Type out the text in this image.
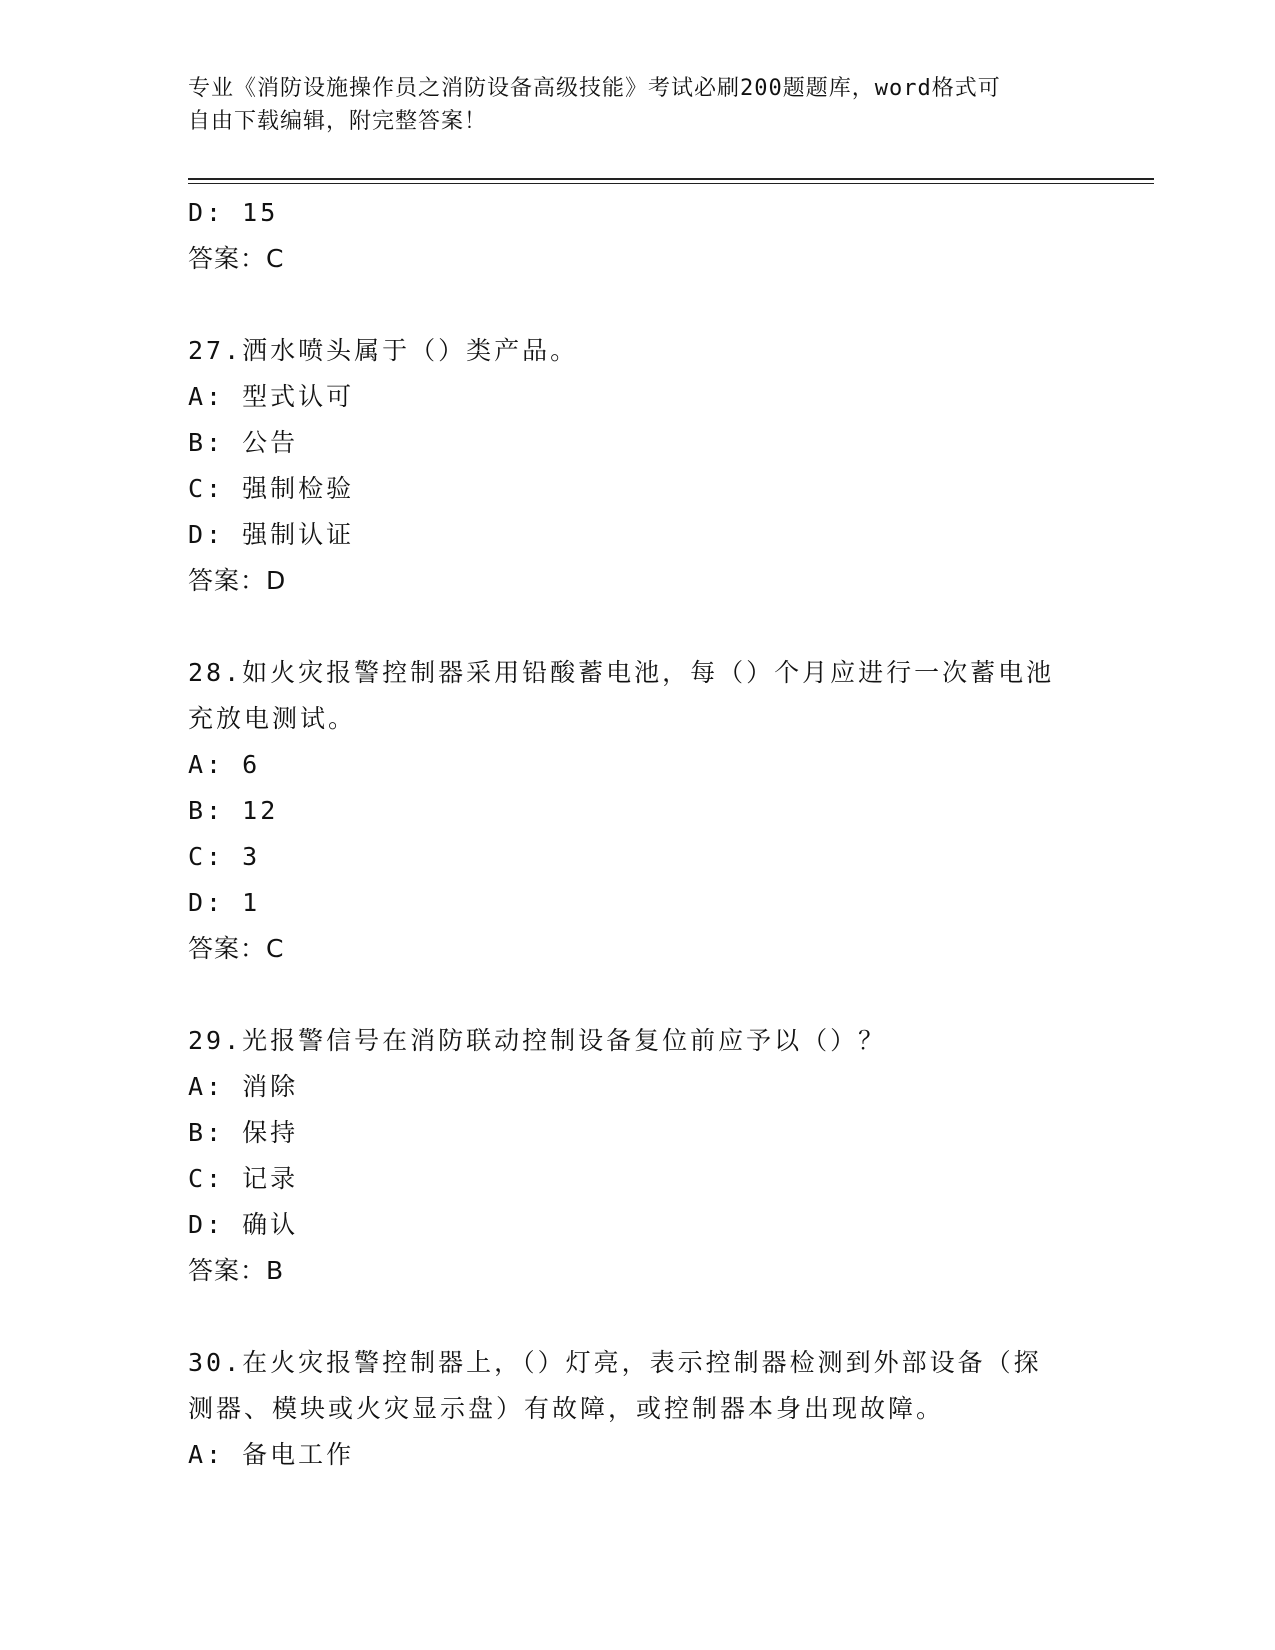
专业《消防设施操作员之消防设备高级技能》考试必刷200题题库，word格式可
自由下载编辑，附完整答案！
D: 15
答案：C
27.洒水喷头属于（）类产品。
A: 型式认可
B: 公告
C: 强制检验
D: 强制认证
答案：D
28.如火灾报警控制器采用铅酸蓄电池，每（）个月应进行一次蓄电池
充放电测试。
A: 6
B: 12
C: 3
D: 1
答案：C
29.光报警信号在消防联动控制设备复位前应予以（）？
A: 消除
B: 保持
C: 记录
D: 确认
答案：B
30.在火灾报警控制器上，（）灯亮，表示控制器检测到外部设备（探
测器、模块或火灾显示盘）有故障，或控制器本身出现故障。
A: 备电工作
